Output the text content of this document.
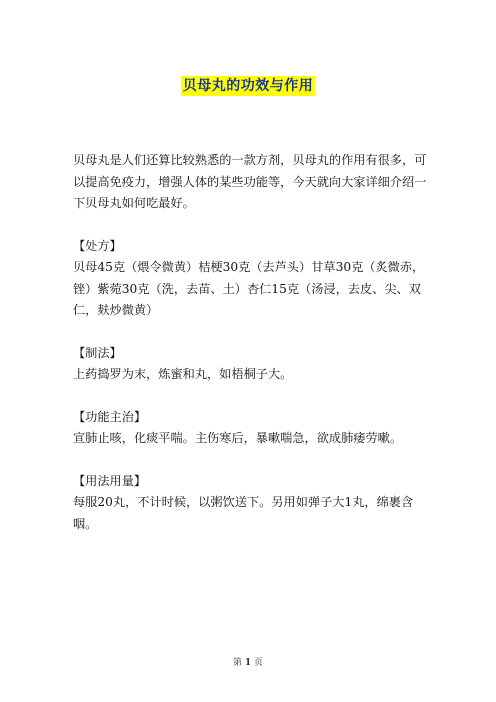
贝母丸的功效与作用

贝母丸是人们还算比较熟悉的一款方剂，贝母丸的作用有很多，可以提高免疫力，增强人体的某些功能等，今天就向大家详细介绍一下贝母丸如何吃最好。

【处方】

贝母45克（煨令微黄）桔梗30克（去芦头）甘草30克（炙微赤，锉）紫菀30克（洗，去苗、土）杏仁15克（汤浸，去皮、尖、双仁，麸炒微黄）

【制法】

上药捣罗为末，炼蜜和丸，如梧桐子大。

【功能主治】

宣肺止咳，化痰平喘。主伤寒后，暴嗽喘急，欲成肺痿劳嗽。

【用法用量】

每服20丸，不计时候，以粥饮送下。另用如弹子大1丸，绵裹含咽。

第 1 页
